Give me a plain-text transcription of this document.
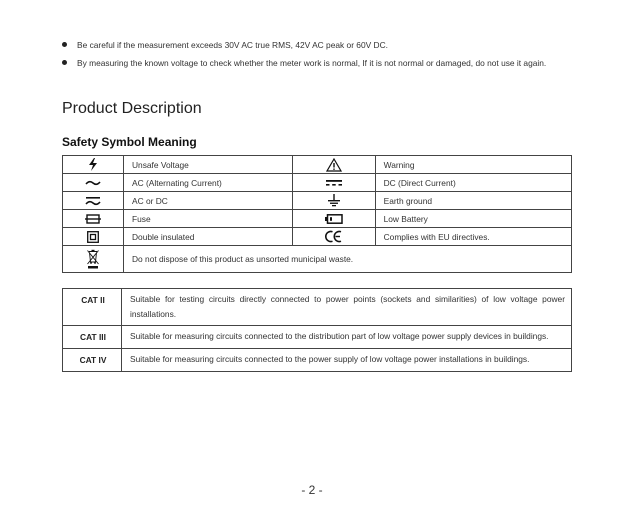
Be careful if the measurement exceeds 30V AC true RMS, 42V AC peak or 60V DC.
By measuring the known voltage to check whether the meter work is normal, If it is not normal or damaged, do not use it again.
Product Description
Safety Symbol Meaning
	Unsafe Voltage		Warning
	AC (Alternating Current)		DC (Direct Current)
	AC or DC		Earth ground
	Fuse		Low Battery
	Double insulated		Complies with EU directives.
	Do not dispose of this product as unsorted municipal waste.		
CAT II	Suitable for testing circuits directly connected to power points (sockets and similarities) of low voltage power installations.
CAT III	Suitable for measuring circuits connected to the distribution part of low voltage power supply devices in buildings.
CAT IV	Suitable for measuring circuits connected to the power supply of low voltage power installations in buildings.
- 2 -
